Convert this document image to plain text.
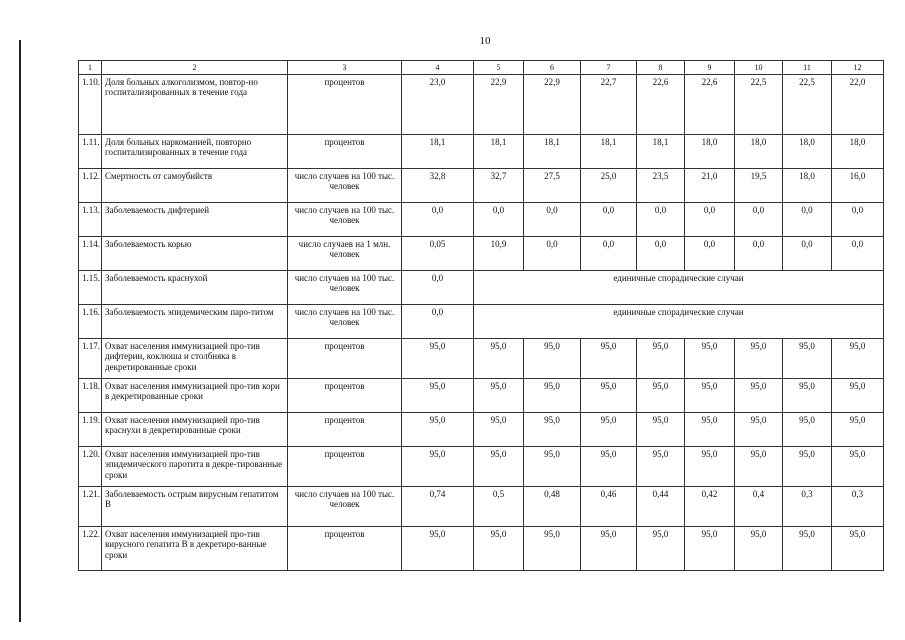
10
1	2	3	4	5	6	7	8	9	10	11	12
1.10.	Доля больных алкоголизмом, повтор-но госпитализированных в течение года	процентов	23,0	22,9	22,9	22,7	22,6	22,6	22,5	22,5	22,0
1.11.	Доля больных наркоманией, повторно госпитализированных в течение года	процентов	18,1	18,1	18,1	18,1	18,1	18,0	18,0	18,0	18,0
1.12.	Смертность от самоубийств	число случаев на 100 тыс. человек	32,8	32,7	27,5	25,0	23,5	21,0	19,5	18,0	16,0
1.13.	Заболеваемость дифтерией	число случаев на 100 тыс. человек	0,0	0,0	0,0	0,0	0,0	0,0	0,0	0,0	0,0
1.14.	Заболеваемость корью	число случаев на 1 млн. человек	0,05	10,9	0,0	0,0	0,0	0,0	0,0	0,0	0,0
1.15.	Заболеваемость краснухой	число случаев на 100 тыс. человек	0,0	единичные спорадические случаи							
1.16.	Заболеваемость эпидемическим паро-титом	число случаев на 100 тыс. человек	0,0	единичные спорадические случаи							
1.17.	Охват населения иммунизацией про-тив дифтерии, коклюша и столбняка в декретированные сроки	процентов	95,0	95,0	95,0	95,0	95,0	95,0	95,0	95,0	95,0
1.18.	Охват населения иммунизацией про-тив кори в декретированные сроки	процентов	95,0	95,0	95,0	95,0	95,0	95,0	95,0	95,0	95,0
1.19.	Охват населения иммунизацией про-тив краснухи в декретированные сроки	процентов	95,0	95,0	95,0	95,0	95,0	95,0	95,0	95,0	95,0
1.20.	Охват населения иммунизацией про-тив эпидемического паротита в декре-тированные сроки	процентов	95,0	95,0	95,0	95,0	95,0	95,0	95,0	95,0	95,0
1.21.	Заболеваемость острым вирусным гепатитом В	число случаев на 100 тыс. человек	0,74	0,5	0,48	0,46	0,44	0,42	0,4	0,3	0,3
1.22.	Охват населения иммунизацией про-тив вирусного гепатита В в декретиро-ванные сроки	процентов	95,0	95,0	95,0	95,0	95,0	95,0	95,0	95,0	95,0
